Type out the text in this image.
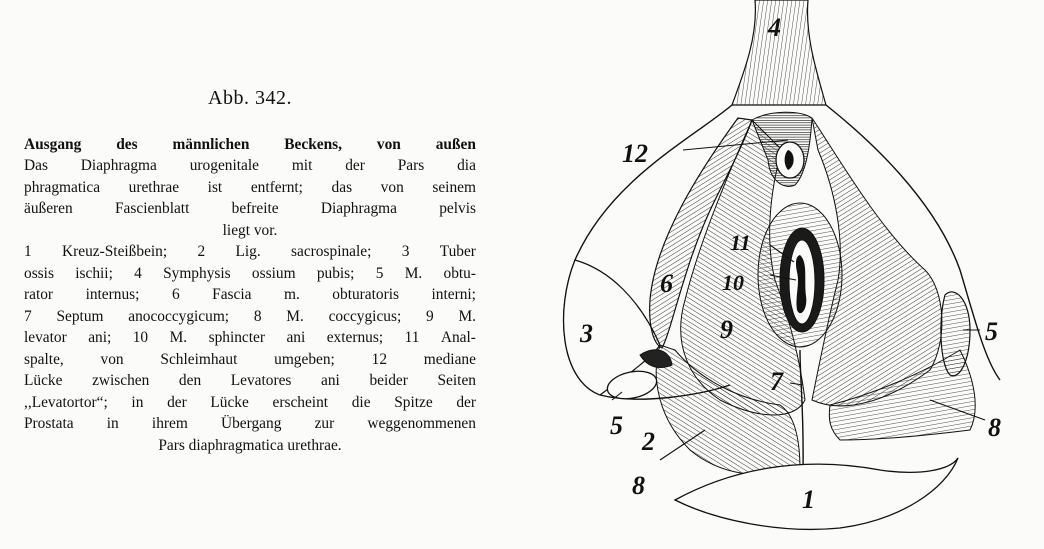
Abb. 342.
Ausgang des männlichen Beckens, von außen
Das Diaphragma urogenitale mit der Pars dia
phragmatica urethrae ist entfernt; das von seinem
äußeren	Fascienblatt	befreite	Diaphragma	pelvis
liegt vor.
1 Kreuz-Steißbein; 2 Lig. sacrospinale; 3 Tuber
ossis ischii; 4 Symphysis ossium pubis; 5 M. obtu-
rator internus; 6 Fascia m. obturatoris interni;
7 Septum anococcygicum; 8 M. coccygicus; 9 M.
levator ani; 10 M. sphincter ani externus; 11 Anal-
spalte, von Schleimhaut umgeben; 12 mediane
Lücke zwischen den Levatores ani beider Seiten
,,Levatortor“; in der Lücke erscheint die Spitze der
Prostata in ihrem Übergang zur weggenommenen
Pars diaphragmatica urethrae.
4
12
11
10
6
3	9	5
7
5
2	8
8	1
